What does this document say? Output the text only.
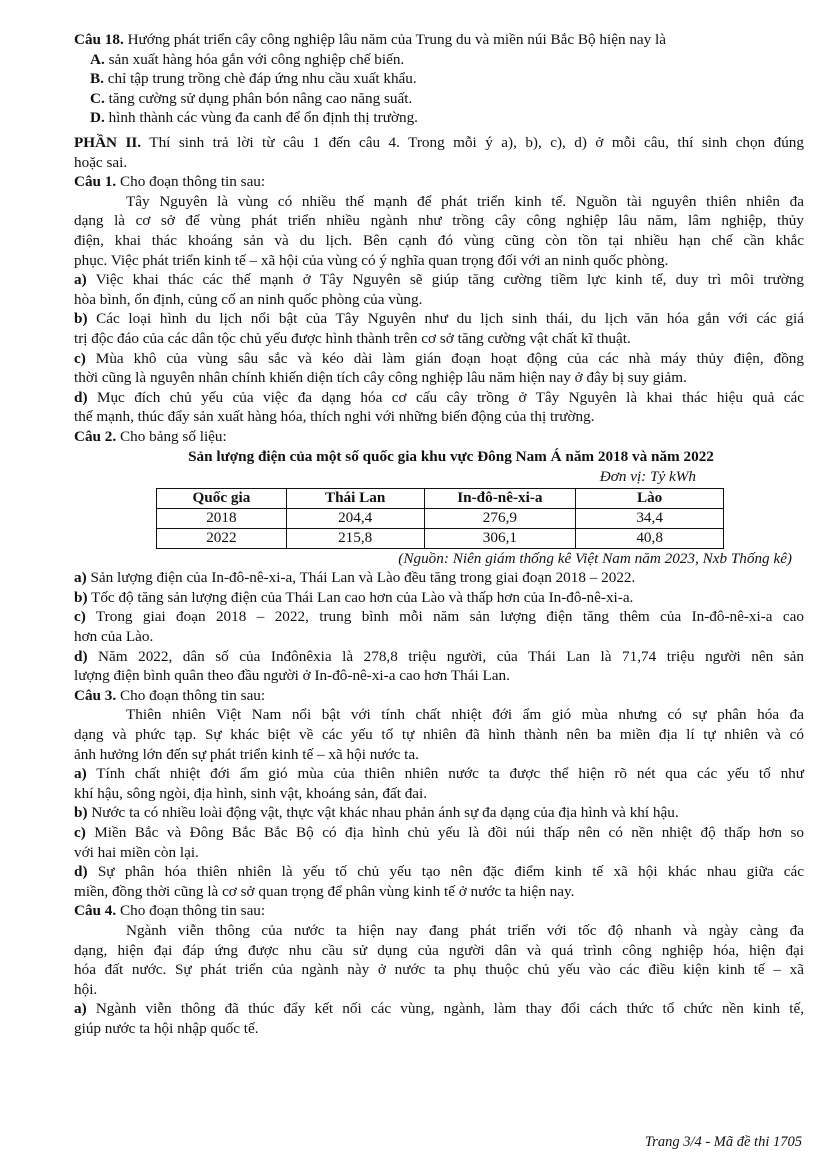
Câu 18. Hướng phát triển cây công nghiệp lâu năm của Trung du và miền núi Bắc Bộ hiện nay là
A. sản xuất hàng hóa gắn với công nghiệp chế biến.
B. chỉ tập trung trồng chè đáp ứng nhu cầu xuất khẩu.
C. tăng cường sử dụng phân bón nâng cao năng suất.
D. hình thành các vùng đa canh để ổn định thị trường.
PHẦN II. Thí sinh trả lời từ câu 1 đến câu 4. Trong mỗi ý a), b), c), d) ở mỗi câu, thí sinh chọn đúng
hoặc sai.
Câu 1. Cho đoạn thông tin sau:
Tây Nguyên là vùng có nhiều thế mạnh để phát triển kinh tế. Nguồn tài nguyên thiên nhiên đa
dạng là cơ sở để vùng phát triển nhiều ngành như trồng cây công nghiệp lâu năm, lâm nghiệp, thủy
điện, khai thác khoáng sản và du lịch. Bên cạnh đó vùng cũng còn tồn tại nhiều hạn chế cần khắc
phục. Việc phát triển kinh tế – xã hội của vùng có ý nghĩa quan trọng đối với an ninh quốc phòng.
a) Việc khai thác các thế mạnh ở Tây Nguyên sẽ giúp tăng cường tiềm lực kinh tế, duy trì môi trường
hòa bình, ổn định, củng cố an ninh quốc phòng của vùng.
b) Các loại hình du lịch nổi bật của Tây Nguyên như du lịch sinh thái, du lịch văn hóa gắn với các giá
trị độc đáo của các dân tộc chủ yếu được hình thành trên cơ sở tăng cường vật chất kĩ thuật.
c) Mùa khô của vùng sâu sắc và kéo dài làm gián đoạn hoạt động của các nhà máy thủy điện, đồng
thời cũng là nguyên nhân chính khiến diện tích cây công nghiệp lâu năm hiện nay ở đây bị suy giảm.
d) Mục đích chủ yếu của việc đa dạng hóa cơ cấu cây trồng ở Tây Nguyên là khai thác hiệu quả các
thế mạnh, thúc đẩy sản xuất hàng hóa, thích nghi với những biến động của thị trường.
Câu 2. Cho bảng số liệu:
Sản lượng điện của một số quốc gia khu vực Đông Nam Á năm 2018 và năm 2022
Đơn vị: Tỷ kWh
Quốc gia	Thái Lan	In-đô-nê-xi-a	Lào
2018	204,4	276,9	34,4
2022	215,8	306,1	40,8
(Nguồn: Niên giám thống kê Việt Nam năm 2023, Nxb Thống kê)
a) Sản lượng điện của In-đô-nê-xi-a, Thái Lan và Lào đều tăng trong giai đoạn 2018 – 2022.
b) Tốc độ tăng sản lượng điện của Thái Lan cao hơn của Lào và thấp hơn của In-đô-nê-xi-a.
c) Trong giai đoạn 2018 – 2022, trung bình mỗi năm sản lượng điện tăng thêm của In-đô-nê-xi-a cao
hơn của Lào.
d) Năm 2022, dân số của Inđônêxia là 278,8 triệu người, của Thái Lan là 71,74 triệu người nên sản
lượng điện bình quân theo đầu người ở In-đô-nê-xi-a cao hơn Thái Lan.
Câu 3. Cho đoạn thông tin sau:
Thiên nhiên Việt Nam nổi bật với tính chất nhiệt đới ẩm gió mùa nhưng có sự phân hóa đa
dạng và phức tạp. Sự khác biệt về các yếu tố tự nhiên đã hình thành nên ba miền địa lí tự nhiên và có
ảnh hưởng lớn đến sự phát triển kinh tế – xã hội nước ta.
a) Tính chất nhiệt đới ẩm gió mùa của thiên nhiên nước ta được thể hiện rõ nét qua các yếu tố như
khí hậu, sông ngòi, địa hình, sinh vật, khoáng sản, đất đai.
b) Nước ta có nhiều loài động vật, thực vật khác nhau phản ánh sự đa dạng của địa hình và khí hậu.
c) Miền Bắc và Đông Bắc Bắc Bộ có địa hình chủ yếu là đồi núi thấp nên có nền nhiệt độ thấp hơn so
với hai miền còn lại.
d) Sự phân hóa thiên nhiên là yếu tố chủ yếu tạo nên đặc điểm kinh tế xã hội khác nhau giữa các
miền, đồng thời cũng là cơ sở quan trọng để phân vùng kinh tế ở nước ta hiện nay.
Câu 4. Cho đoạn thông tin sau:
Ngành viễn thông của nước ta hiện nay đang phát triển với tốc độ nhanh và ngày càng đa
dạng, hiện đại đáp ứng được nhu cầu sử dụng của người dân và quá trình công nghiệp hóa, hiện đại
hóa đất nước. Sự phát triển của ngành này ở nước ta phụ thuộc chủ yếu vào các điều kiện kinh tế – xã
hội.
a) Ngành viễn thông đã thúc đẩy kết nối các vùng, ngành, làm thay đổi cách thức tổ chức nền kinh tế,
giúp nước ta hội nhập quốc tế.
Trang 3/4 - Mã đề thi 1705
